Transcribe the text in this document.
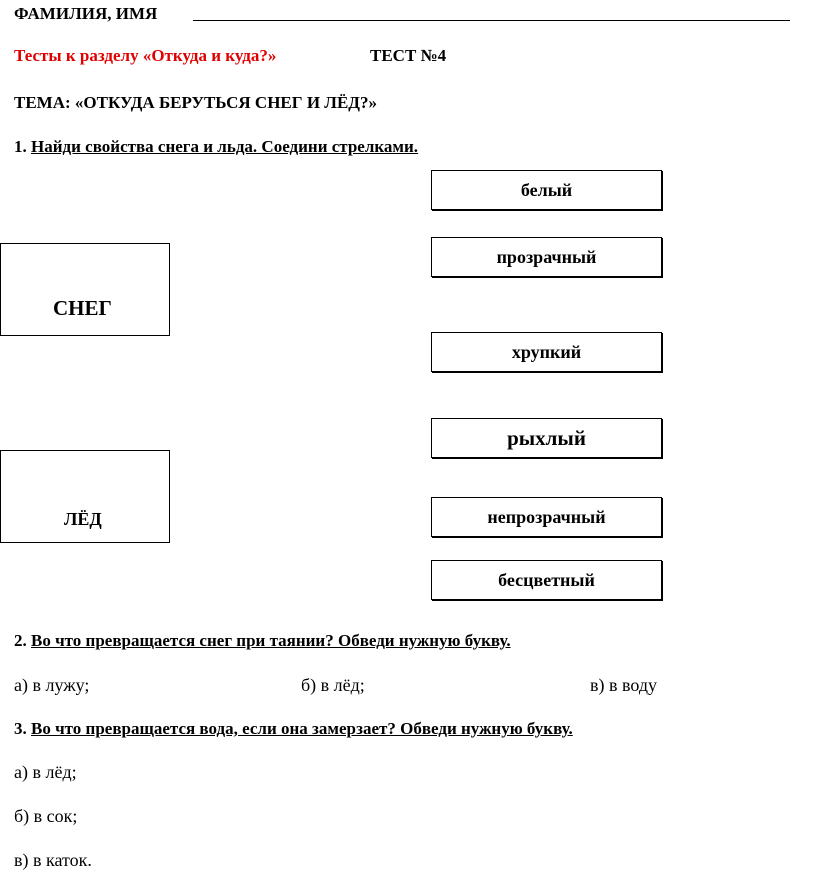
ФАМИЛИЯ, ИМЯ
Тесты к разделу «Откуда и куда?»	ТЕСТ №4
ТЕМА: «ОТКУДА БЕРУТЬСЯ СНЕГ И ЛЁД?»
1. Найди свойства снега и льда. Соедини стрелками.
СНЕГ
ЛЁД
белый
прозрачный
хрупкий
рыхлый
непрозрачный
бесцветный
2. Во что превращается снег при таянии? Обведи нужную букву.
а) в лужу;	б) в лёд;	в) в воду
3. Во что превращается вода, если она замерзает? Обведи нужную букву.
а) в лёд;
б) в сок;
в) в каток.
